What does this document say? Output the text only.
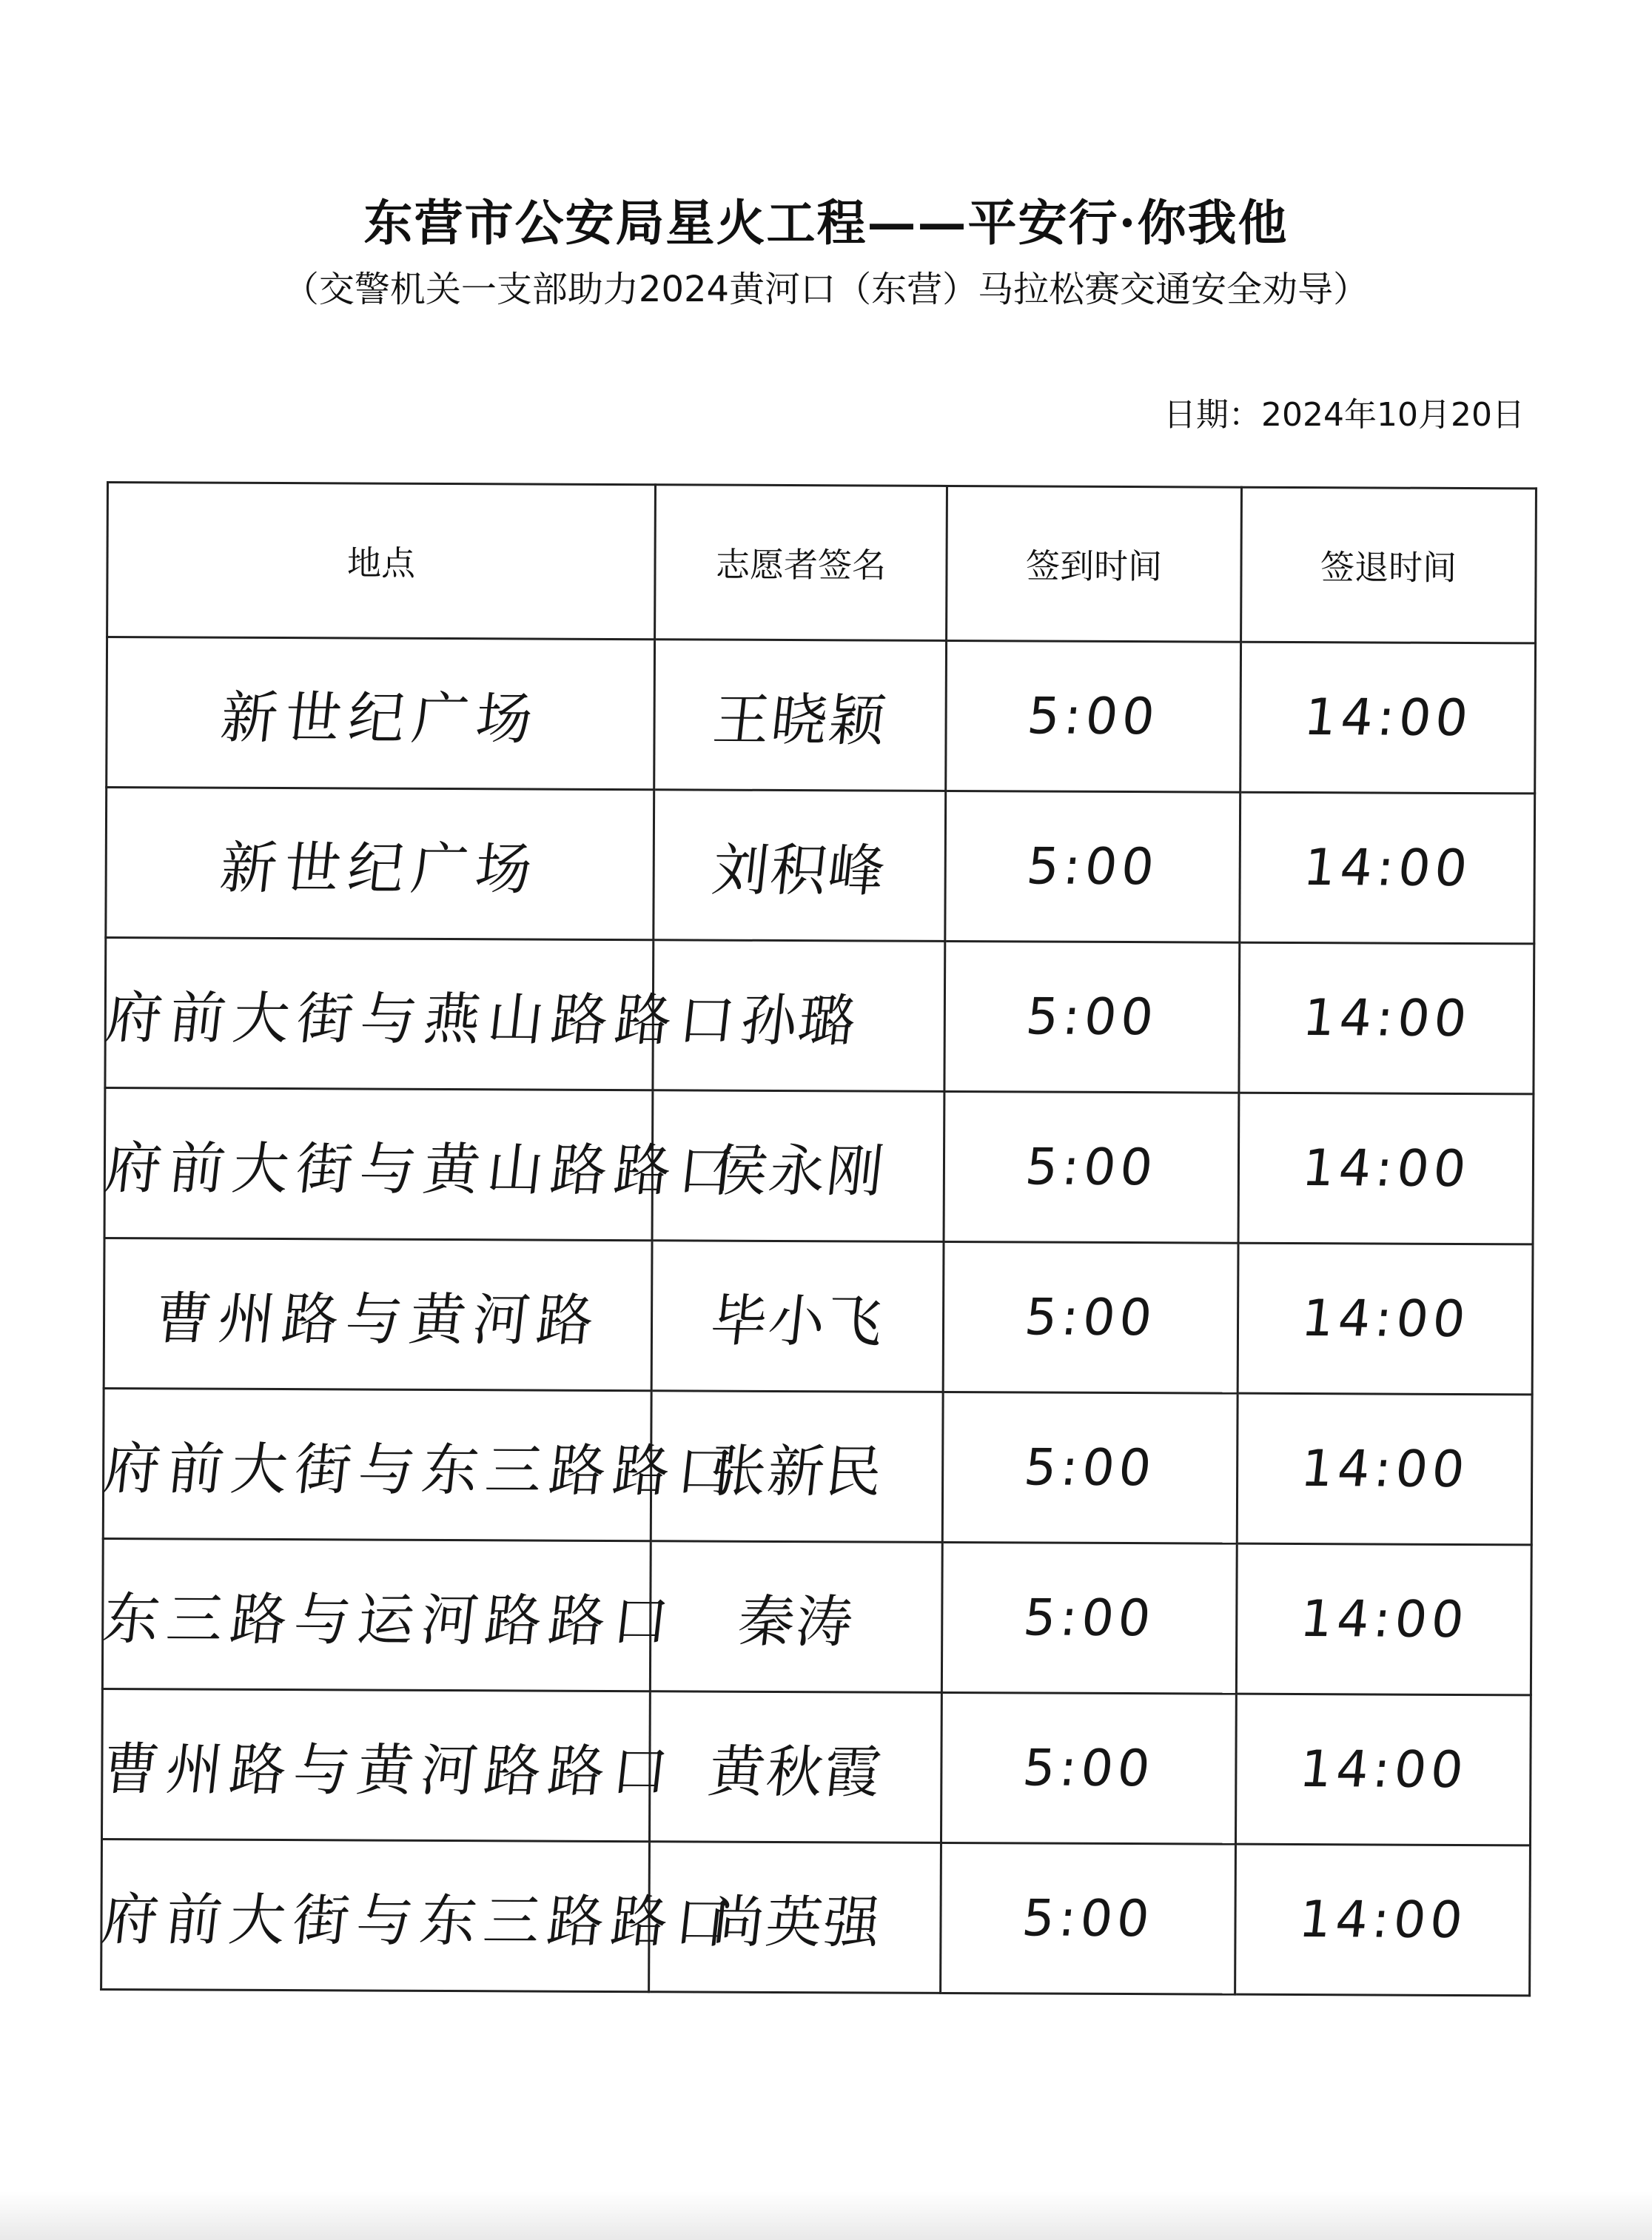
东营市公安局星火工程——平安行·你我他
（交警机关一支部助力2024黄河口（东营）马拉松赛交通安全劝导）
日期：2024年10月20日
地点	志愿者签名	签到时间	签退时间
新世纪广场	王晓颖	5:00	14:00
新世纪广场	刘积峰	5:00	14:00
府前大街与燕山路路口	孙璐	5:00	14:00
府前大街与黄山路路口	侯永刚	5:00	14:00
曹州路与黄河路	毕小飞	5:00	14:00
府前大街与东三路路口	张新民	5:00	14:00
东三路与运河路路口	秦涛	5:00	14:00
曹州路与黄河路路口	黄秋霞	5:00	14:00
府前大街与东三路路口	尚英强	5:00	14:00
